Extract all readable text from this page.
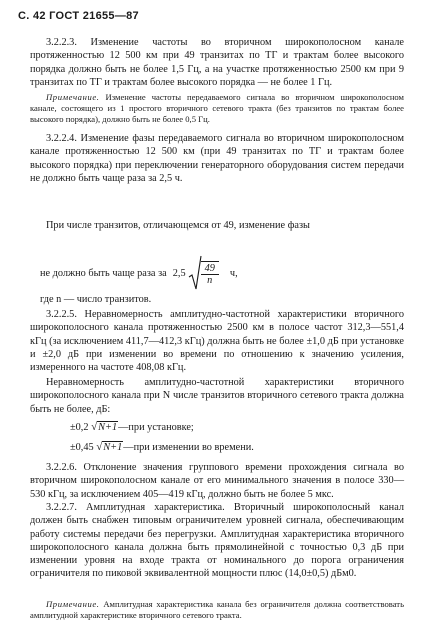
С. 42 ГОСТ 21655—87
3.2.2.3. Изменение частоты во вторичном широкополосном канале протяженностью 12 500 км при 49 транзитах по ТГ и трактам более высокого порядка должно быть не более 1,5 Гц, а на участке протяженностью 2500 км при 9 транзитах по ТГ и трактам более высокого порядка — не более 1 Гц.
Примечание. Изменение частоты передаваемого сигнала во вторичном широкополосном канале, состоящего из 1 простого вторичного сетевого тракта (без транзитов по трактам более высокого порядка), должно быть не более 0,5 Гц.
3.2.2.4. Изменение фазы передаваемого сигнала во вторичном широкополосном канале протяженностью 12 500 км (при 49 транзитах по ТГ и трактам более высокого порядка) при переключении генераторного оборудования систем передачи не должно быть чаще раза за 2,5 ч.
При числе транзитов, отличающемся от 49, изменение фазы
не должно быть чаще раза за $2,5 \frac{49}{n} ч$,
где n — число транзитов.
3.2.2.5. Неравномерность амплитудно-частотной характеристики вторичного широкополосного канала протяженностью 2500 км в полосе частот 312,3—551,4 кГц (за исключением 411,7—412,3 кГц) должна быть не более ±1,0 дБ при установке и ±2,0 дБ при изменении во времени по отношению к значению усиления, измеренного на частоте 408,08 кГц.
Неравномерность амплитудно-частотной характеристики вторичного широкополосного канала при N числе транзитов вторичного сетевого тракта должна быть не более, дБ:
±0,2 √N+1—при установке;
±0,45 √N+1—при изменении во времени.
3.2.2.6. Отклонение значения группового времени прохождения сигнала во вторичном широкополосном канале от его минимального значения в полосе 330—530 кГц, за исключением 405—419 кГц, должно быть не более 5 мкс.
3.2.2.7. Амплитудная характеристика. Вторичный широкополосный канал должен быть снабжен типовым ограничителем уровней сигнала, обеспечивающим работу системы передачи без перегрузки. Амплитудная характеристика вторичного широкополосного канала должна быть прямолинейной с точностью 0,3 дБ при изменении уровня на входе тракта от номинального до порога ограничения ограничителя по пиковой эквивалентной мощности плюс (14,0±0,5) дБм0.
Примечание. Амплитудная характеристика канала без ограничителя должна соответствовать амплитудной характеристике вторичного сетевого тракта.
